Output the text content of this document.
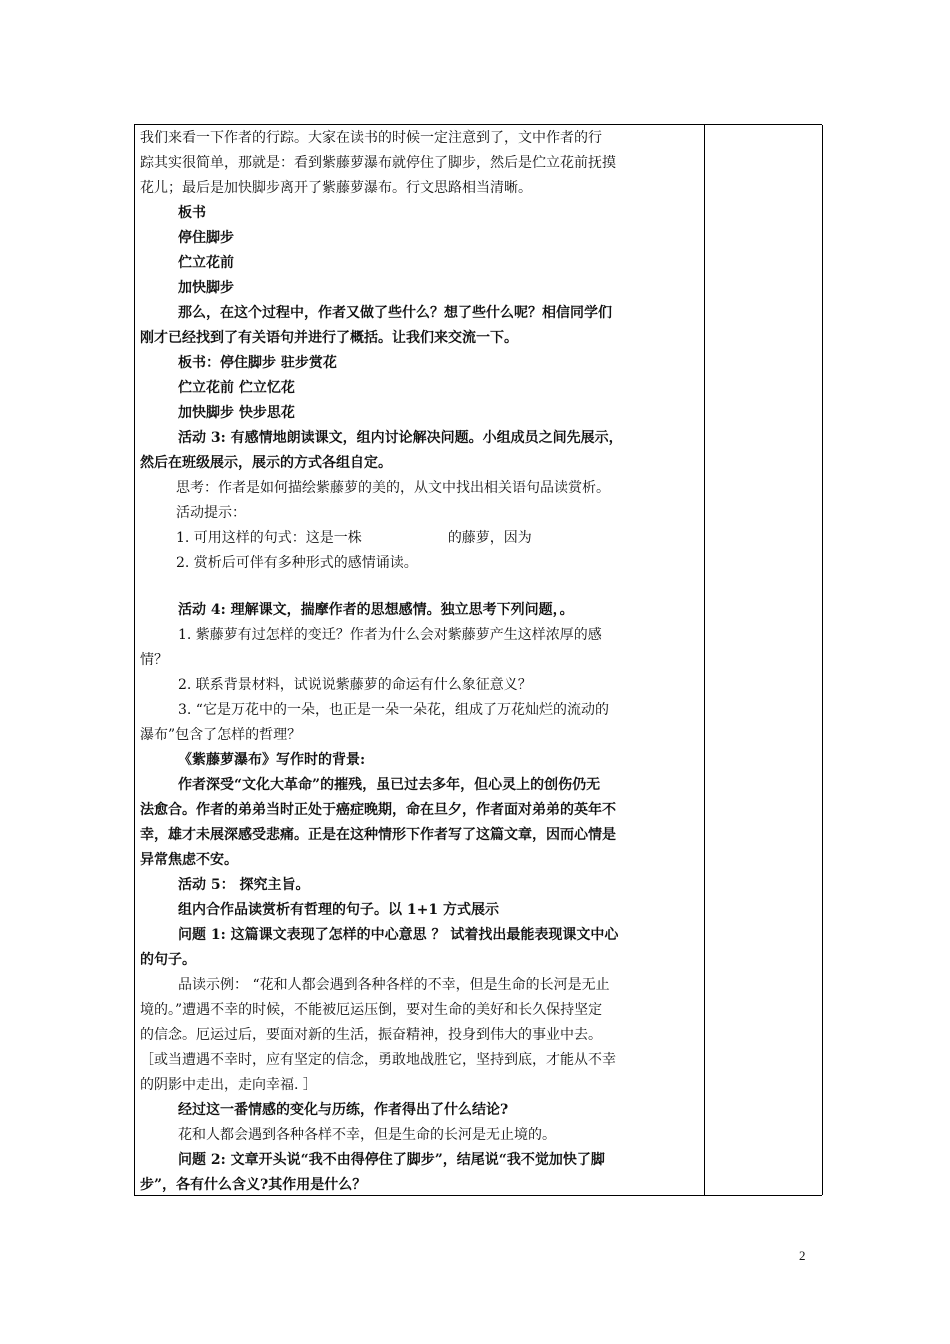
我们来看一下作者的行踪。大家在读书的时候一定注意到了，文中作者的行
踪其实很简单，那就是：看到紫藤萝瀑布就停住了脚步，然后是伫立花前抚摸
花儿；最后是加快脚步离开了紫藤萝瀑布。行文思路相当清晰。
板书
停住脚步
伫立花前
加快脚步
那么，在这个过程中，作者又做了些什么？想了些什么呢？相信同学们
刚才已经找到了有关语句并进行了概括。让我们来交流一下。
板书：停住脚步 驻步赏花
伫立花前 伫立忆花
加快脚步 快步思花
活动 3: 有感情地朗读课文，组内讨论解决问题。小组成员之间先展示，
然后在班级展示，展示的方式各组自定。
思考：作者是如何描绘紫藤萝的美的，从文中找出相关语句品读赏析。
活动提示：
1. 可用这样的句式：这是一株	的藤萝，因为
2. 赏析后可伴有多种形式的感情诵读。
活动 4: 理解课文，揣摩作者的思想感情。独立思考下列问题，。
1. 紫藤萝有过怎样的变迁？作者为什么会对紫藤萝产生这样浓厚的感
情？
2. 联系背景材料，试说说紫藤萝的命运有什么象征意义？
3. “它是万花中的一朵，也正是一朵一朵花，组成了万花灿烂的流动的
瀑布”包含了怎样的哲理？
《紫藤萝瀑布》写作时的背景:
作者深受“文化大革命”的摧残，虽已过去多年，但心灵上的创伤仍无
法愈合。作者的弟弟当时正处于癌症晚期，命在旦夕，作者面对弟弟的英年不
幸，雄才未展深感受悲痛。正是在这种情形下作者写了这篇文章，因而心情是
异常焦虑不安。
活动 5： 探究主旨。
组内合作品读赏析有哲理的句子。以 1+1 方式展示
问题 1: 这篇课文表现了怎样的中心意思 ？ 试着找出最能表现课文中心
的句子。
品读示例： “花和人都会遇到各种各样的不幸，但是生命的长河是无止
境的。”遭遇不幸的时候，不能被厄运压倒，要对生命的美好和长久保持坚定
的信念。厄运过后，要面对新的生活，振奋精神，投身到伟大的事业中去。
［或当遭遇不幸时，应有坚定的信念，勇敢地战胜它，坚持到底，才能从不幸
的阴影中走出，走向幸福. ］
经过这一番情感的变化与历练，作者得出了什么结论?
花和人都会遇到各种各样不幸，但是生命的长河是无止境的。
问题 2: 文章开头说“我不由得停住了脚步”，结尾说“我不觉加快了脚
步”，各有什么含义?其作用是什么？
2
